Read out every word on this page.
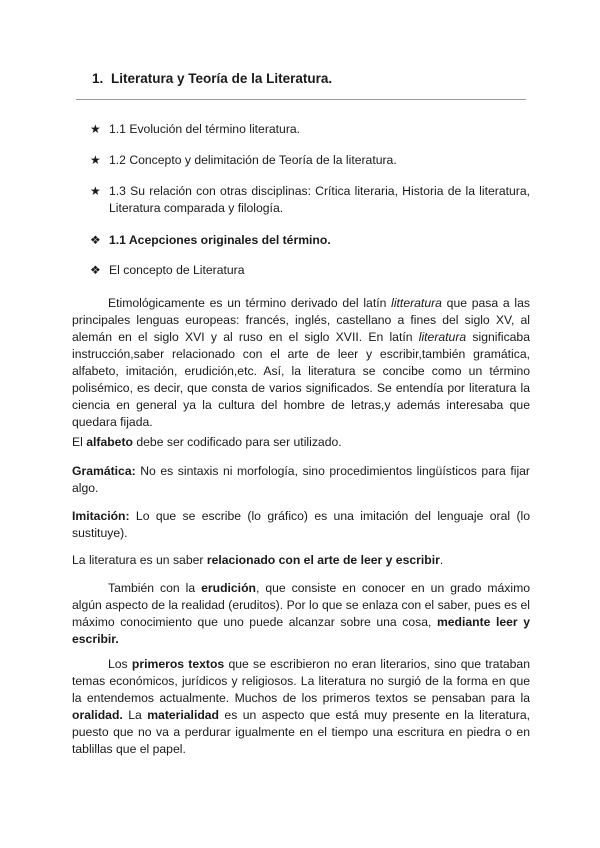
1. Literatura y Teoría de la Literatura.
★ 1.1 Evolución del término literatura.
★ 1.2 Concepto y delimitación de Teoría de la literatura.
★ 1.3 Su relación con otras disciplinas: Crítica literaria, Historia de la literatura, Literatura comparada y filología.
❖ 1.1 Acepciones originales del término.
❖ El concepto de Literatura

Etimológicamente es un término derivado del latín litteratura que pasa a las principales lenguas europeas: francés, inglés, castellano a fines del siglo XV, al alemán en el siglo XVI y al ruso en el siglo XVII. En latín literatura significaba instrucción,saber relacionado con el arte de leer y escribir,también gramática, alfabeto, imitación, erudición,etc. Así, la literatura se concibe como un término polisémico, es decir, que consta de varios significados. Se entendía por literatura la ciencia en general ya la cultura del hombre de letras,y además interesaba que quedara fijada.

El alfabeto debe ser codificado para ser utilizado.

Gramática: No es sintaxis ni morfología, sino procedimientos lingüísticos para fijar algo.

Imitación: Lo que se escribe (lo gráfico) es una imitación del lenguaje oral (lo sustituye).

La literatura es un saber relacionado con el arte de leer y escribir.

También con la erudición, que consiste en conocer en un grado máximo algún aspecto de la realidad (eruditos). Por lo que se enlaza con el saber, pues es el máximo conocimiento que uno puede alcanzar sobre una cosa, mediante leer y escribir.

Los primeros textos que se escribieron no eran literarios, sino que trataban temas económicos, jurídicos y religiosos. La literatura no surgió de la forma en que la entendemos actualmente. Muchos de los primeros textos se pensaban para la oralidad. La materialidad es un aspecto que está muy presente en la literatura, puesto que no va a perdurar igualmente en el tiempo una escritura en piedra o en tablillas que el papel.
